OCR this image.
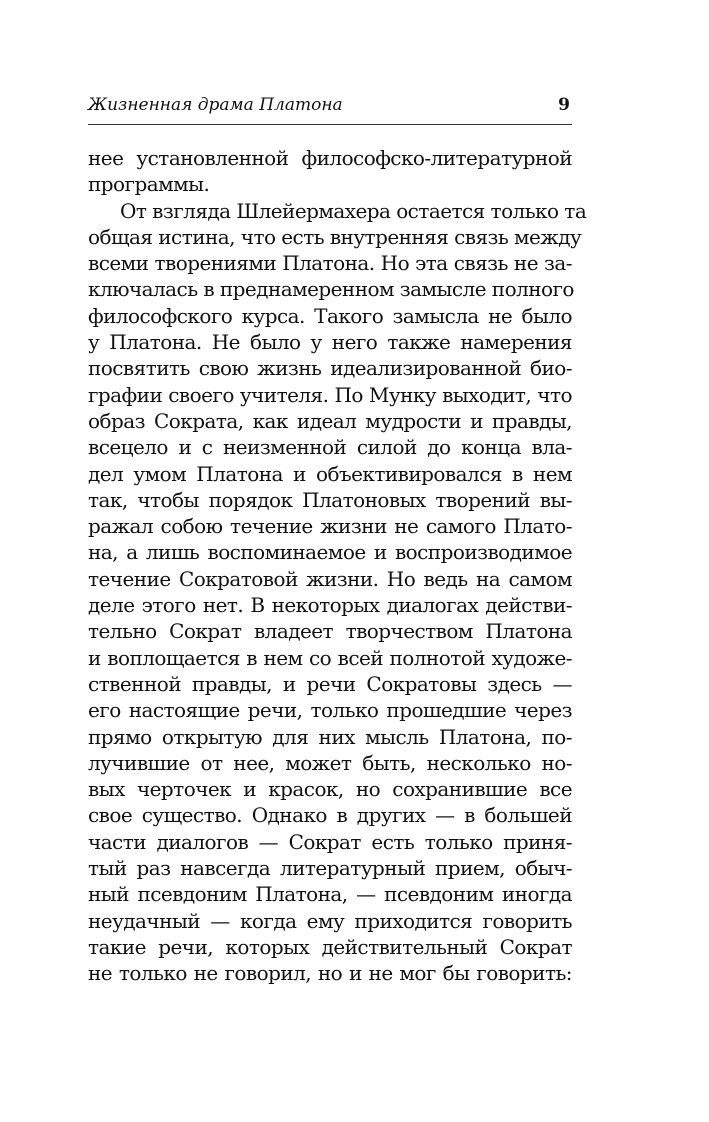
Жизненная драма Платона	9
нее установленной философско-литературной
программы.
От взгляда Шлейермахера остается только та
общая истина, что есть внутренняя связь между
всеми творениями Платона. Но эта связь не за-
ключалась в преднамеренном замысле полного
философского курса. Такого замысла не было
у Платона. Не было у него также намерения
посвятить свою жизнь идеализированной био-
графии своего учителя. По Мунку выходит, что
образ Сократа, как идеал мудрости и правды,
всецело и с неизменной силой до конца вла-
дел умом Платона и объективировался в нем
так, чтобы порядок Платоновых творений вы-
ражал собою течение жизни не самого Плато-
на, а лишь воспоминаемое и воспроизводимое
течение Сократовой жизни. Но ведь на самом
деле этого нет. В некоторых диалогах действи-
тельно Сократ владеет творчеством Платона
и воплощается в нем со всей полнотой художе-
ственной правды, и речи Сократовы здесь —
его настоящие речи, только прошедшие через
прямо открытую для них мысль Платона, по-
лучившие от нее, может быть, несколько но-
вых черточек и красок, но сохранившие все
свое существо. Однако в других — в большей
части диалогов — Сократ есть только приня-
тый раз навсегда литературный прием, обыч-
ный псевдоним Платона, — псевдоним иногда
неудачный — когда ему приходится говорить
такие речи, которых действительный Сократ
не только не говорил, но и не мог бы говорить:
